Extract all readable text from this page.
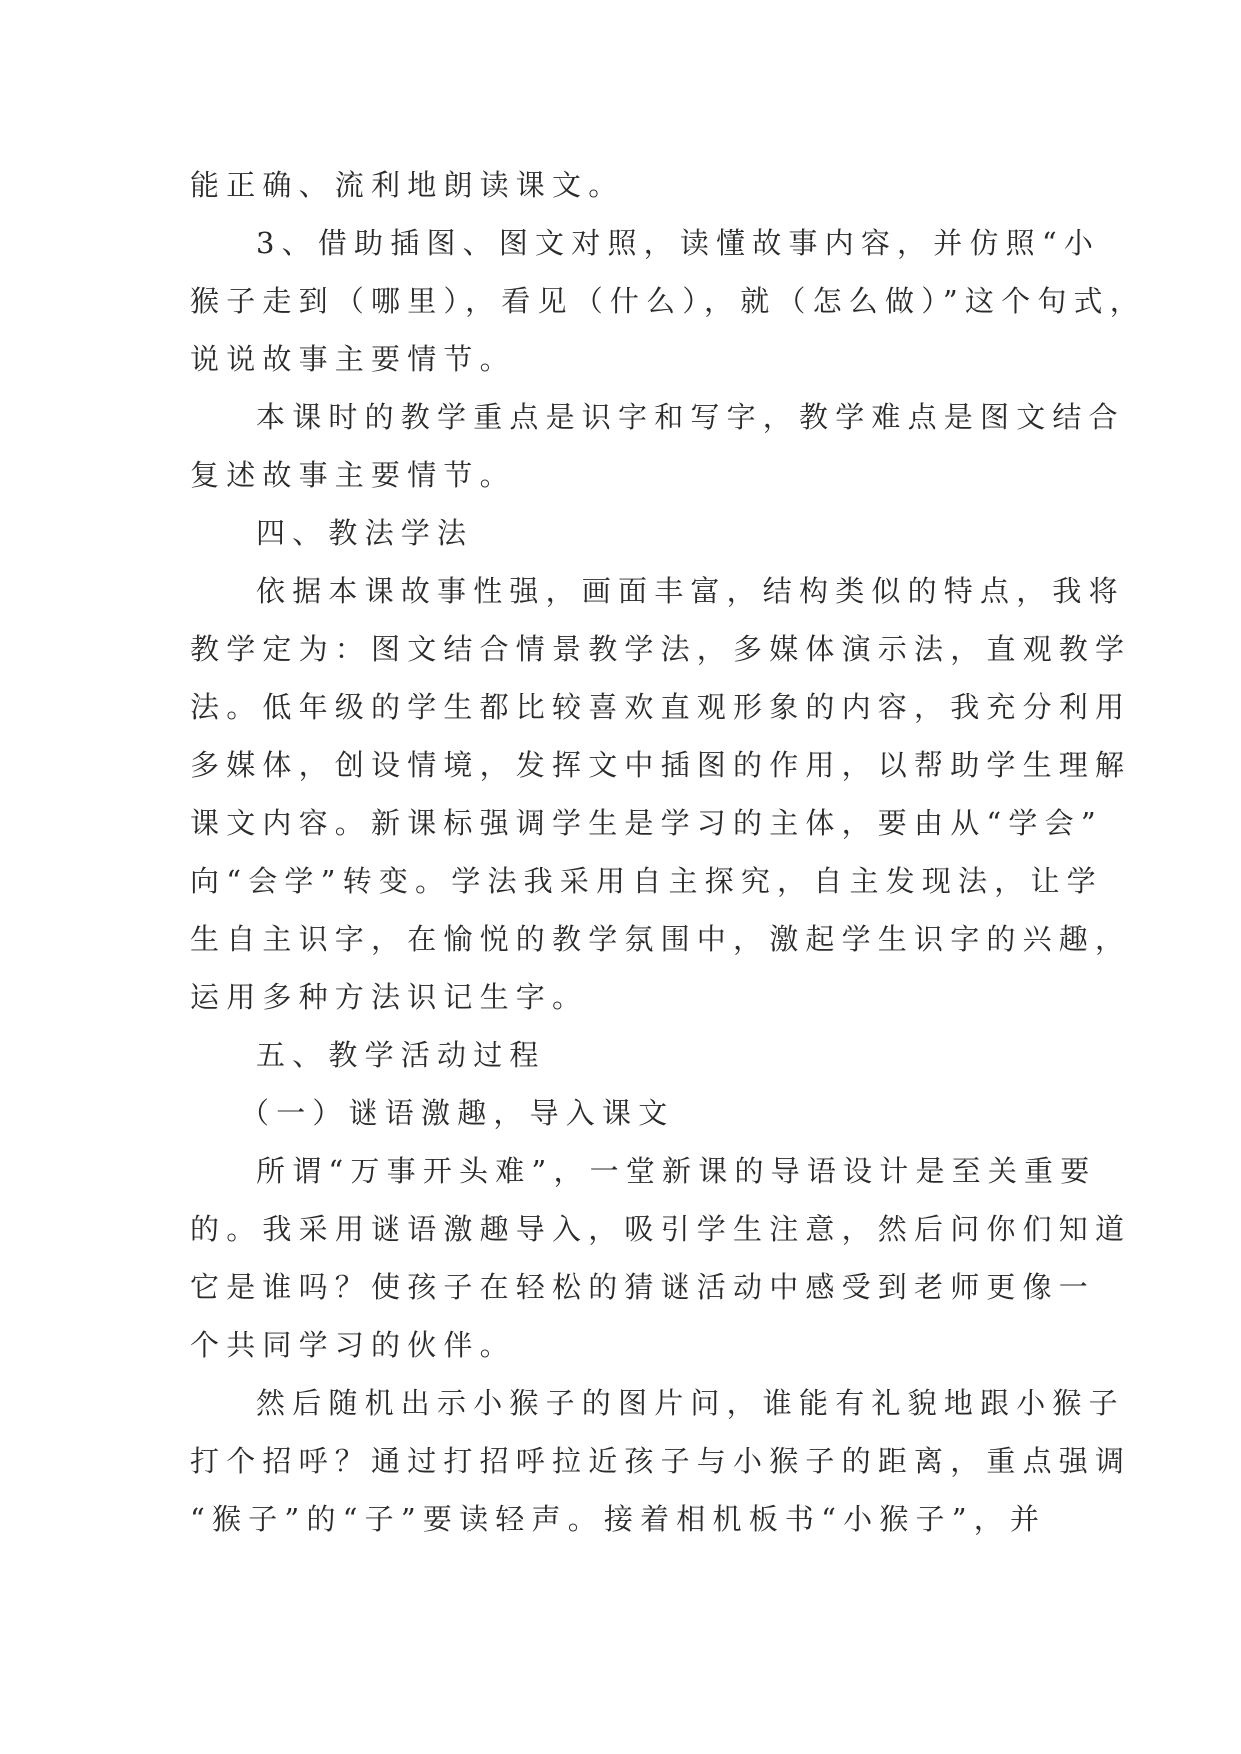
能正确、流利地朗读课文。
3、借助插图、图文对照，读懂故事内容，并仿照“小
猴子走到（哪里），看见（什么），就（怎么做）”这个句式，
说说故事主要情节。
本课时的教学重点是识字和写字，教学难点是图文结合
复述故事主要情节。
四、教法学法
依据本课故事性强，画面丰富，结构类似的特点，我将
教学定为：图文结合情景教学法，多媒体演示法，直观教学
法。低年级的学生都比较喜欢直观形象的内容，我充分利用
多媒体，创设情境，发挥文中插图的作用，以帮助学生理解
课文内容。新课标强调学生是学习的主体，要由从“学会”
向“会学”转变。学法我采用自主探究，自主发现法，让学
生自主识字，在愉悦的教学氛围中，激起学生识字的兴趣，
运用多种方法识记生字。
五、教学活动过程
（一）谜语激趣，导入课文
所谓“万事开头难”，一堂新课的导语设计是至关重要
的。我采用谜语激趣导入，吸引学生注意，然后问你们知道
它是谁吗？使孩子在轻松的猜谜活动中感受到老师更像一
个共同学习的伙伴。
然后随机出示小猴子的图片问，谁能有礼貌地跟小猴子
打个招呼？通过打招呼拉近孩子与小猴子的距离，重点强调
“猴子”的“子”要读轻声。接着相机板书“小猴子”，并
